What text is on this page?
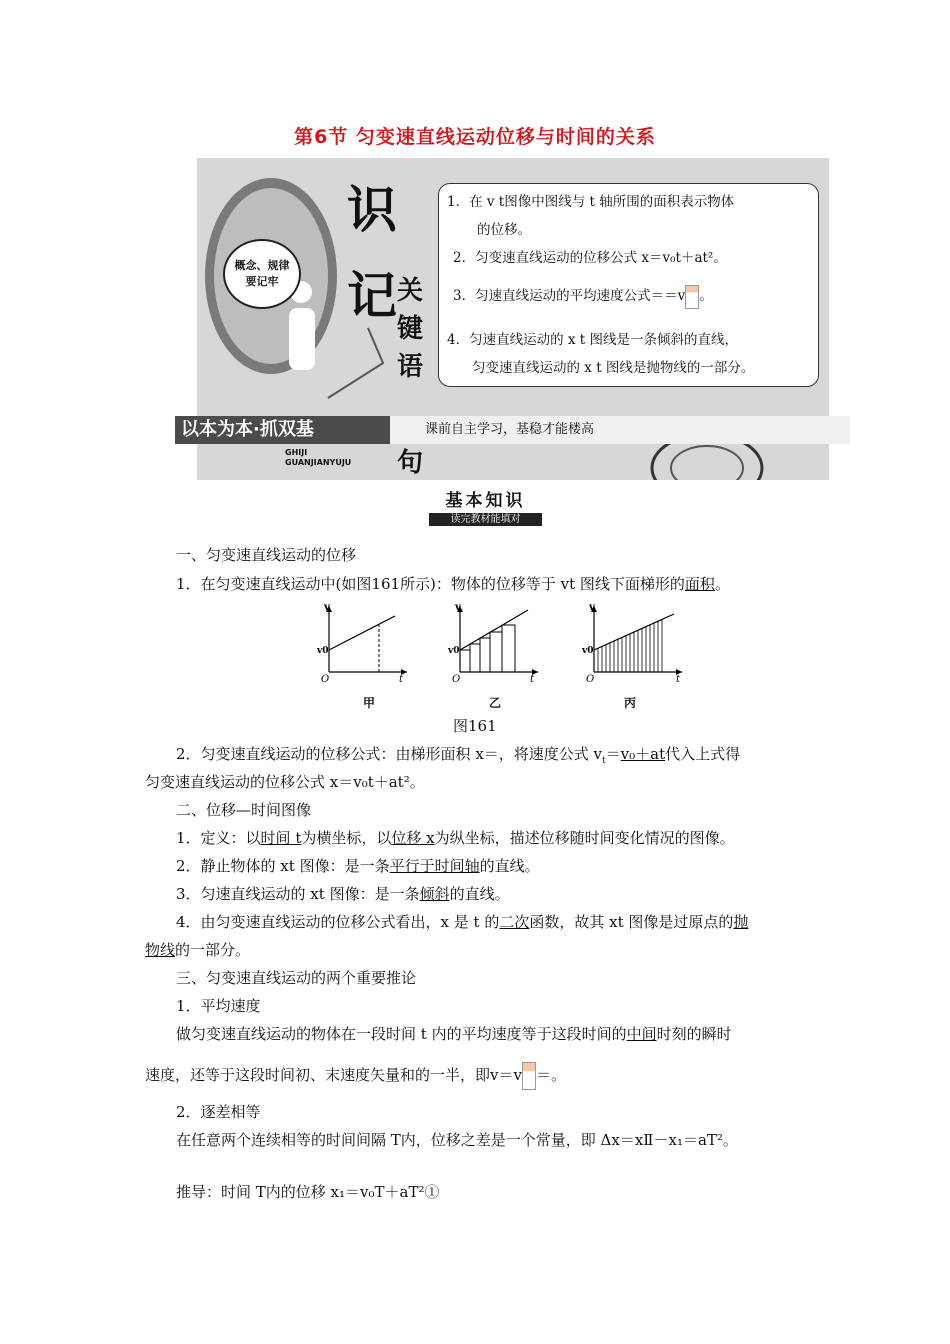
第6节 匀变速直线运动位移与时间的关系
概念、规律
要记牢
识
记 关
键
语
句
GHIJI
GUANJIANYUJU

1．在 v t图像中图线与 t 轴所围的面积表示物体

的位移。

2．匀变速直线运动的位移公式 x＝v₀t＋at²。

3．匀速直线运动的平均速度公式＝＝v 。

4．匀速直线运动的 x t 图线是一条倾斜的直线，

匀变速直线运动的 x t 图线是抛物线的一部分。

以本为本·抓双基	课前自主学习，基稳才能楼高
基本知识
读完教材能填对
一、匀变速直线运动的位移
1．在匀变速直线运动中(如图161所示)：物体的位移等于 vt 图线下面梯形的面积。
v
v0
O	t
v
v0
O	t
v
v0
O	t
甲	乙	丙
图161
2．匀变速直线运动的位移公式：由梯形面积 x＝，将速度公式 $v_t=v_0+at$代入上式得
匀变速直线运动的位移公式 x＝v₀t＋at²。
二、位移—时间图像
1．定义：以时间 t为横坐标，以位移 x为纵坐标，描述位移随时间变化情况的图像。
2．静止物体的 xt 图像：是一条平行于时间轴的直线。
3．匀速直线运动的 xt 图像：是一条倾斜的直线。
4．由匀变速直线运动的位移公式看出，x 是 t 的二次函数，故其 xt 图像是过原点的抛
物线的一部分。
三、匀变速直线运动的两个重要推论
1．平均速度
做匀变速直线运动的物体在一段时间 t 内的平均速度等于这段时间的中间时刻的瞬时
速度，还等于这段时间初、末速度矢量和的一半，即v＝v ＝。
2．逐差相等
在任意两个连续相等的时间间隔 T内，位移之差是一个常量，即 Δx＝xⅡ－x₁＝aT²。
推导：时间 T内的位移 x₁＝v₀T＋aT²①
